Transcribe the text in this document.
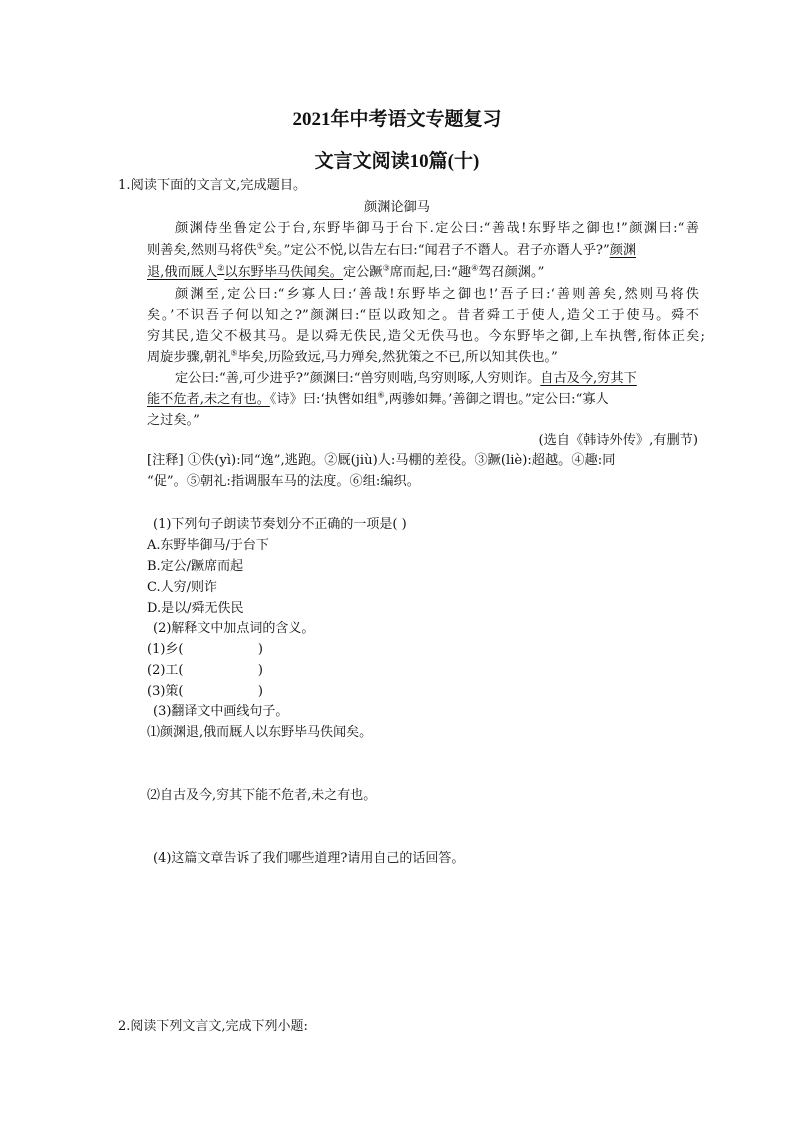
2021年中考语文专题复习
文言文阅读10篇(十)
1.阅读下面的文言文,完成题目。
颜渊论御马
颜渊侍坐鲁定公于台,东野毕御马于台下.定公曰:“善哉!东野毕之御也!”颜渊曰:“善
则善矣,然则马将佚①矣。”定公不悦,以告左右曰:“闻君子不谮人。君子亦谮人乎?”颜渊
退,俄而厩人②以东野毕马佚闻矣。定公蹶③席而起,曰:“趣④驾召颜渊。”
颜渊至,定公曰:“乡寡人曰:‘善哉!东野毕之御也!’吾子曰:‘善则善矣,然则马将佚
矣。’不识吾子何以知之?”颜渊曰:“臣以政知之。昔者舜工于使人,造父工于使马。舜不
穷其民,造父不极其马。是以舜无佚民,造父无佚马也。今东野毕之御,上车执辔,衔体正矣;
周旋步骤,朝礼⑤毕矣,历险致远,马力殚矣,然犹策之不已,所以知其佚也。”
定公曰:“善,可少进乎?”颜渊曰:“兽穷则啮,鸟穷则啄,人穷则诈。自古及今,穷其下
能不危者,未之有也。《诗》曰:‘执辔如组⑥,两骖如舞。’善御之谓也。”定公曰:“寡人
之过矣。”
(选自《韩诗外传》,有删节)
[注释] ①佚(yì):同“逸”,逃跑。②厩(jiù)人:马棚的差役。③蹶(liè):超越。④趣:同
“促”。⑤朝礼:指调服车马的法度。⑥组:编织。
(1)下列句子朗读节奏划分不正确的一项是( )
A.东野毕御马/于台下
B.定公/蹶席而起
C.人穷/则诈
D.是以/舜无佚民
(2)解释文中加点词的含义。
(1)乡(                  )
(2)工(                  )
(3)策(                  )
(3)翻译文中画线句子。
⑴颜渊退,俄而厩人以东野毕马佚闻矣。
⑵自古及今,穷其下能不危者,未之有也。
(4)这篇文章告诉了我们哪些道理?请用自己的话回答。
2.阅读下列文言文,完成下列小题:
